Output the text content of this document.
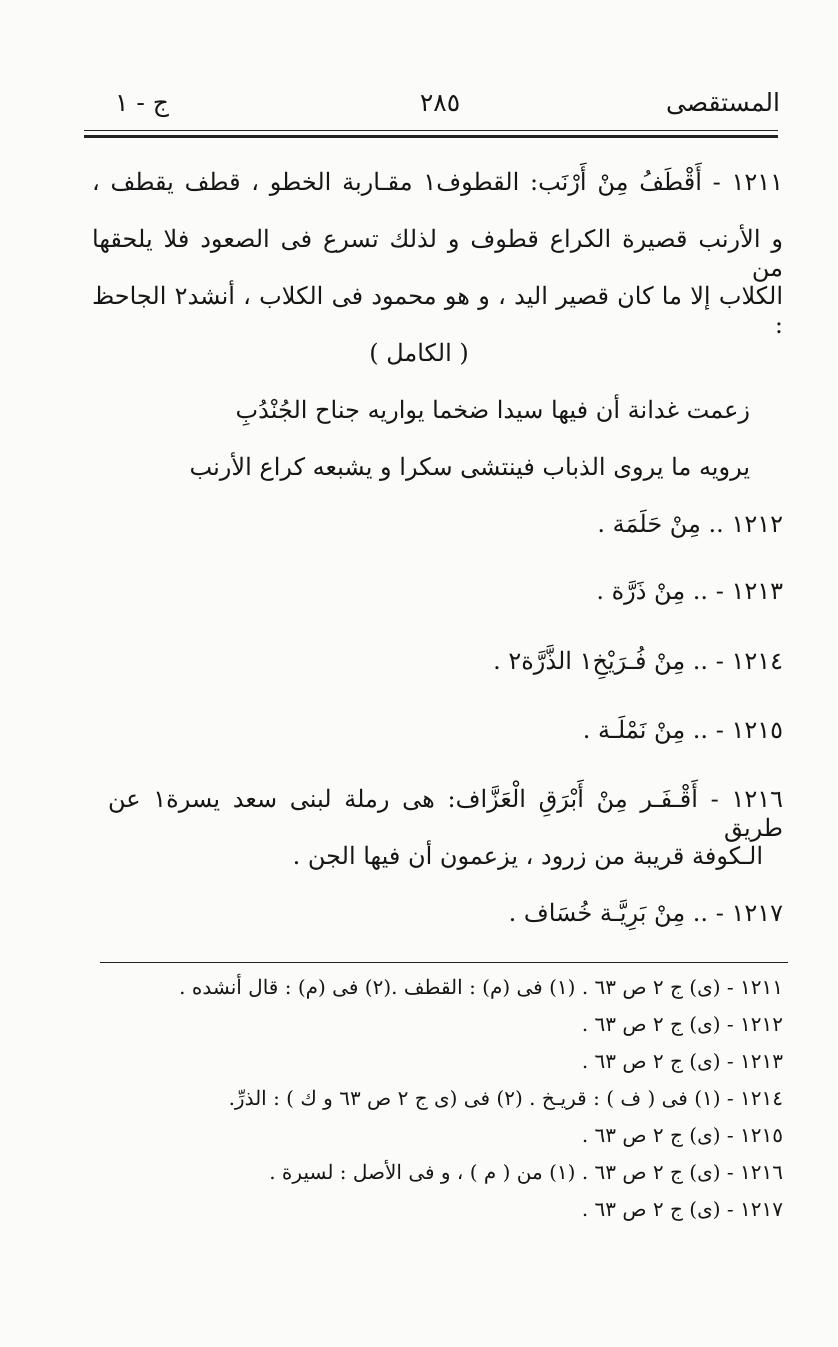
المستقصى
٢٨٥
ج - ١
١٢١١ - أَقْطَفُ مِنْ أَرْنَب: القطوف١ مقـاربة الخطو ، قطف يقطف ،
و الأرنب قصيرة الكراع قطوف و لذلك تسرع فى الصعود فلا يلحقها من
الكلاب إلا ما كان قصير اليد ، و هو محمود فى الكلاب ، أنشد٢ الجاحظ :
( الكامل )
زعمت غدانة أن فيها سيدا ضخما يواريه جناح الجُنْدُبِ
يرويه ما يروى الذباب فينتشى سكرا و يشبعه كراع الأرنب
١٢١٢ .. مِنْ حَلَمَة .
١٢١٣ - .. مِنْ ذَرَّة .
١٢١٤ - .. مِنْ فُـرَيْخِ١ الذَّرَّة٢ .
١٢١٥ - .. مِنْ نَمْلَـة .
١٢١٦ - أَقْـفَـر مِنْ أَبْرَقِ الْعَزَّاف: هى رملة لبنى سعد يسرة١ عن طريق
الـكوفة قريبة من زرود ، يزعمون أن فيها الجن .
١٢١٧ - .. مِنْ بَرِيَّـة خُسَاف .
١٢١١ - (ى) ج ٢ ص ٦٣ . (١) فى (م) : القطف .(٢) فى (م) : قال أنشده .
١٢١٢ - (ى) ج ٢ ص ٦٣ .
١٢١٣ - (ى) ج ٢ ص ٦٣ .
١٢١٤ - (١) فى ( ف ) : قريـخ . (٢) فى (ى ج ٢ ص ٦٣ و ك ) : الذرِّ.
١٢١٥ - (ى) ج ٢ ص ٦٣ .
١٢١٦ - (ى) ج ٢ ص ٦٣ . (١) من ( م ) ، و فى الأصل : لسيرة .
١٢١٧ - (ى) ج ٢ ص ٦٣ .
